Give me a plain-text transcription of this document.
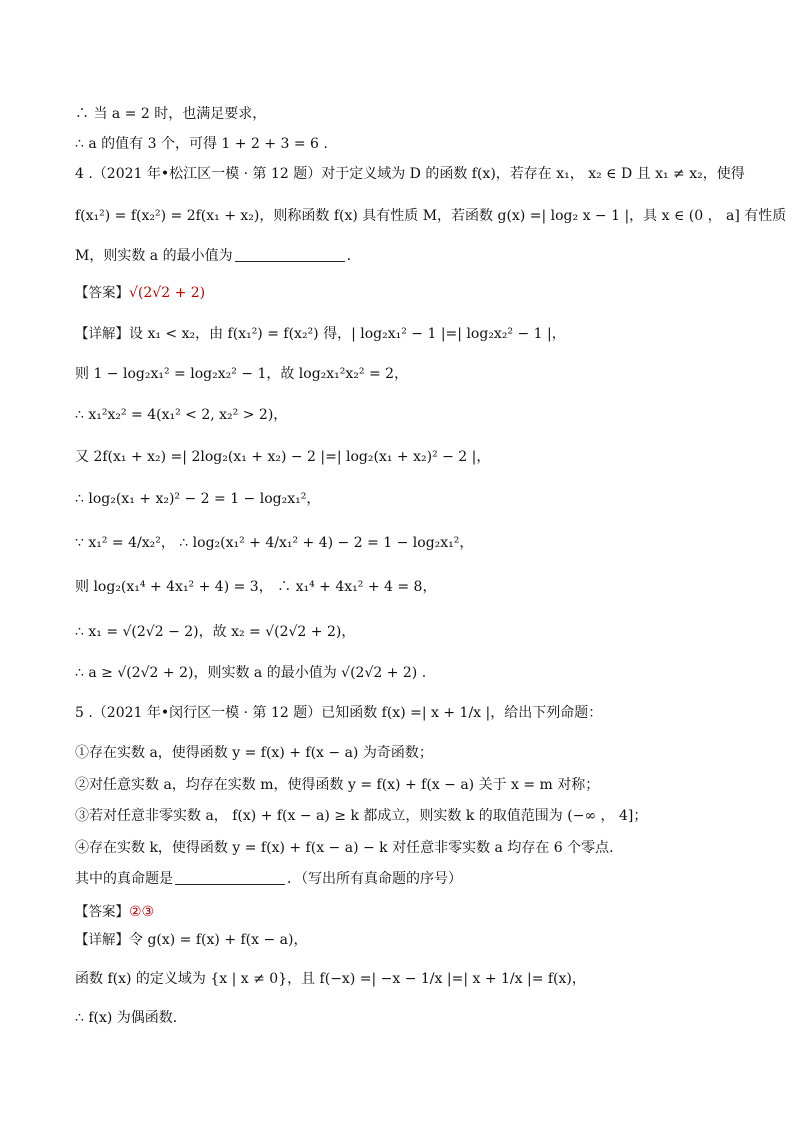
∴ 当 a = 2 时，也满足要求，
∴ a 的值有 3 个，可得 1 + 2 + 3 = 6 .
4 .（2021 年•松江区一模 · 第 12 题）对于定义域为 D 的函数 f(x)，若存在 x₁， x₂ ∈ D 且 x₁ ≠ x₂，使得
f(x₁²) = f(x₂²) = 2f(x₁ + x₂)，则称函数 f(x) 具有性质 M，若函数 g(x) =| log₂ x − 1 |，具 x ∈ (0 ， a] 有性质
M，则实数 a 的最小值为	.
【答案】√(2√2 + 2)
【详解】设 x₁ < x₂，由 f(x₁²) = f(x₂²) 得，| log₂x₁² − 1 |=| log₂x₂² − 1 |，
则 1 − log₂x₁² = log₂x₂² − 1，故 log₂x₁²x₂² = 2，
∴ x₁²x₂² = 4(x₁² < 2, x₂² > 2)，
又 2f(x₁ + x₂) =| 2log₂(x₁ + x₂) − 2 |=| log₂(x₁ + x₂)² − 2 |，
∴ log₂(x₁ + x₂)² − 2 = 1 − log₂x₁²，
∵ x₁² = 4/x₂²， ∴ log₂(x₁² + 4/x₁² + 4) − 2 = 1 − log₂x₁²，
则 log₂(x₁⁴ + 4x₁² + 4) = 3， ∴ x₁⁴ + 4x₁² + 4 = 8，
∴ x₁ = √(2√2 − 2)，故 x₂ = √(2√2 + 2)，
∴ a ≥ √(2√2 + 2)，则实数 a 的最小值为 √(2√2 + 2) .
5 .（2021 年•闵行区一模 · 第 12 题）已知函数 f(x) =| x + 1/x |，给出下列命题：
①存在实数 a，使得函数 y = f(x) + f(x − a) 为奇函数；
②对任意实数 a，均存在实数 m，使得函数 y = f(x) + f(x − a) 关于 x = m 对称；
③若对任意非零实数 a， f(x) + f(x − a) ≥ k 都成立，则实数 k 的取值范围为 (−∞ ， 4]；
④存在实数 k，使得函数 y = f(x) + f(x − a) − k 对任意非零实数 a 均存在 6 个零点．
其中的真命题是	．（写出所有真命题的序号）
【答案】②③
【详解】令 g(x) = f(x) + f(x − a)，
函数 f(x) 的定义域为 {x | x ≠ 0}，且 f(−x) =| −x − 1/x |=| x + 1/x |= f(x)，
∴ f(x) 为偶函数．
